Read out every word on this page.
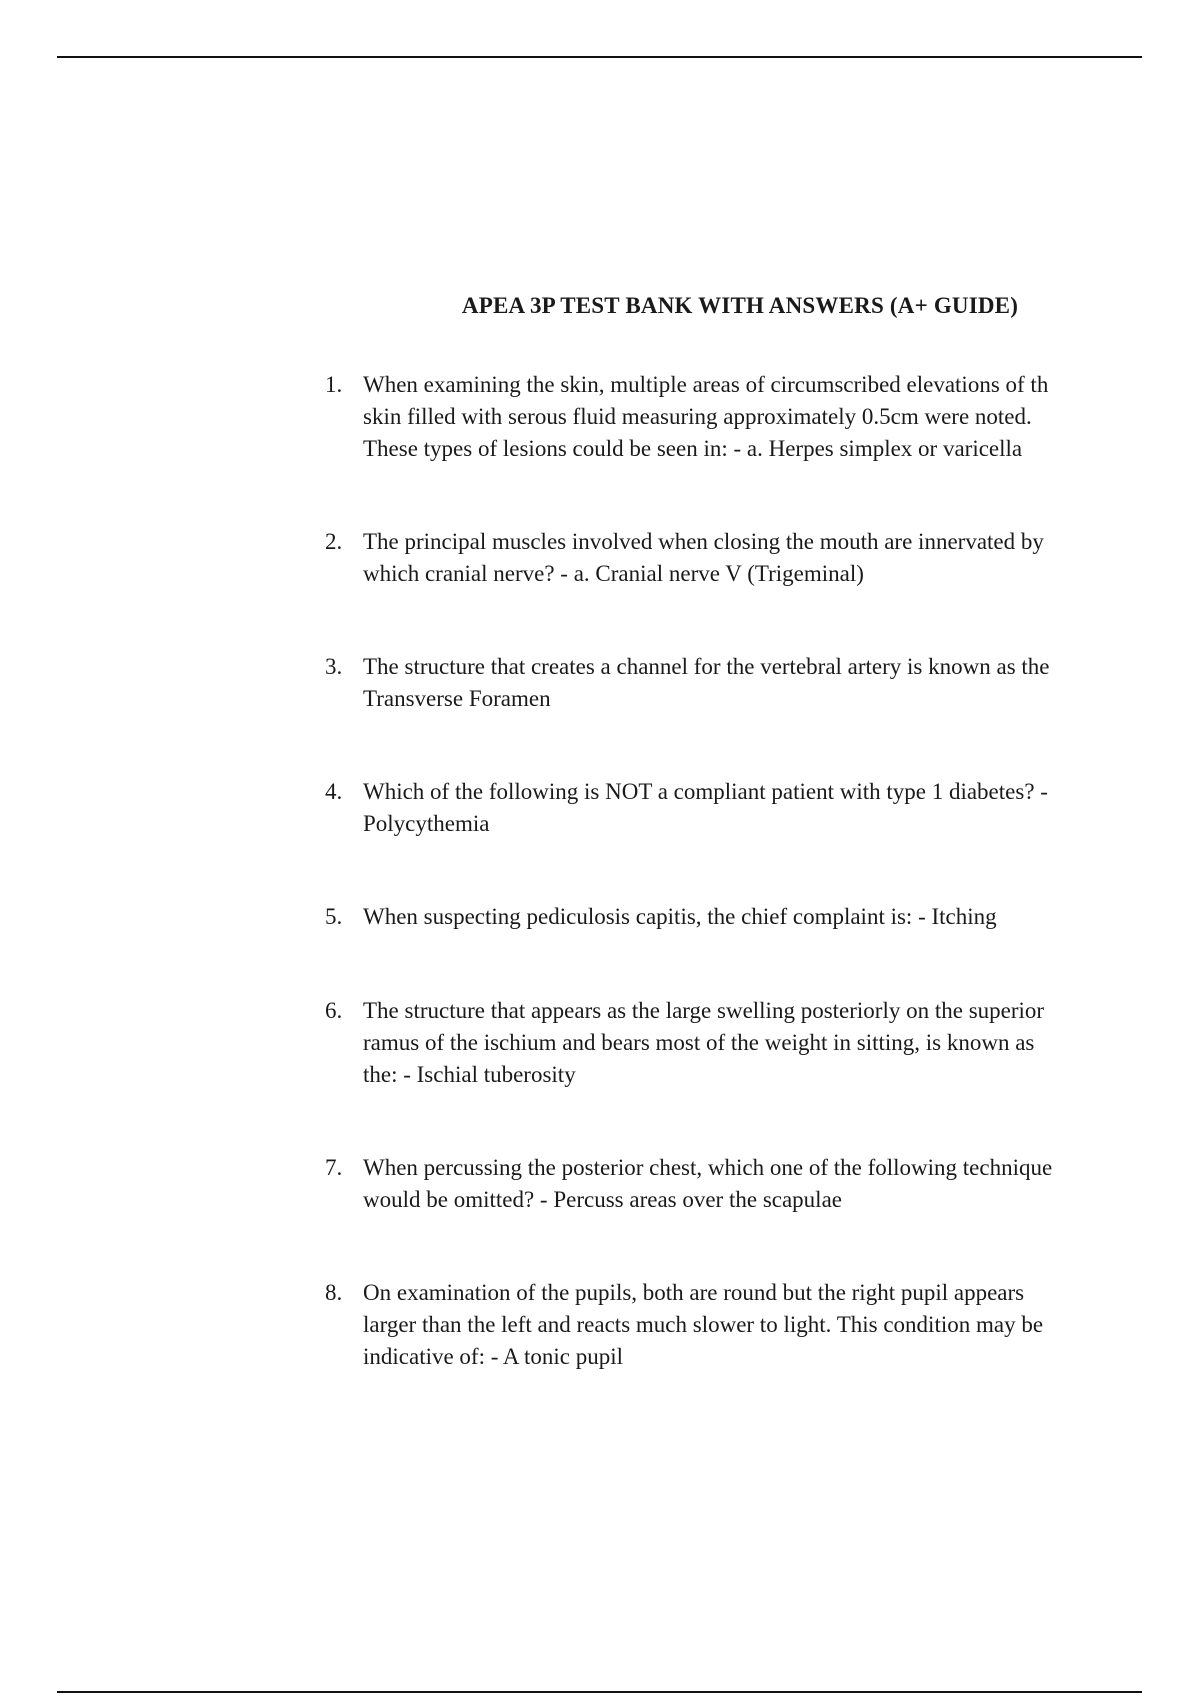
APEA 3P TEST BANK WITH ANSWERS (A+ GUIDE)
1. When examining the skin, multiple areas of circumscribed elevations of th
skin filled with serous fluid measuring approximately 0.5cm were noted.
These types of lesions could be seen in: - a. Herpes simplex or varicella
2. The principal muscles involved when closing the mouth are innervated by
which cranial nerve? - a. Cranial nerve V (Trigeminal)
3. The structure that creates a channel for the vertebral artery is known as the
Transverse Foramen
4. Which of the following is NOT a compliant patient with type 1 diabetes? -
Polycythemia
5. When suspecting pediculosis capitis, the chief complaint is: - Itching
6. The structure that appears as the large swelling posteriorly on the superior
ramus of the ischium and bears most of the weight in sitting, is known as
the: - Ischial tuberosity
7. When percussing the posterior chest, which one of the following technique
would be omitted? - Percuss areas over the scapulae
8. On examination of the pupils, both are round but the right pupil appears
larger than the left and reacts much slower to light. This condition may be
indicative of: - A tonic pupil
